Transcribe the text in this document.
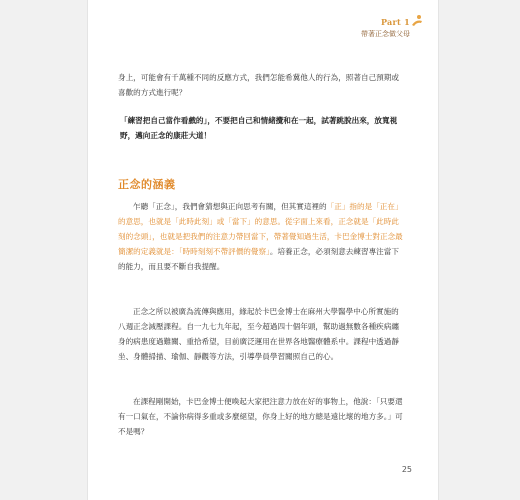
Part 1
帶著正念做父母
身上，可能會有千萬種不同的反應方式，我們怎能希冀他人的行為，照著自己預期或喜歡的方式進行呢？
「練習把自己當作看戲的」，不要把自己和情緒攪和在一起，試著跳脫出來，放寬視野，邁向正念的康莊大道！
正念的涵義
乍聽「正念」，我們會猜想與正向思考有關，但其實這裡的「正」指的是「正在」的意思，也就是「此時此刻」或「當下」的意思。從字面上來看，正念就是「此時此刻的念頭」，也就是把我們的注意力帶回當下，帶著覺知過生活，卡巴金博士對正念最簡潔的定義就是：「時時刻刻不帶評價的覺察」。培養正念，必須刻意去練習專注當下的能力，而且要不斷自我提醒。
正念之所以被廣為流傳與應用，緣起於卡巴金博士在麻州大學醫學中心所實施的八週正念減壓課程。自一九七九年起，至今超過四十個年頭，幫助過無數各種疾病纏身的病患度過難關、重拾希望，目前廣泛運用在世界各地醫療體系中。課程中透過靜坐、身體掃描、瑜伽、靜觀等方法，引導學員學習關照自己的心。
在課程剛開始，卡巴金博士便喚起大家把注意力放在好的事物上，他說：「只要還有一口氣在，不論你病得多重或多麼絕望，你身上好的地方總是遠比壞的地方多。」可不是嗎？
25
